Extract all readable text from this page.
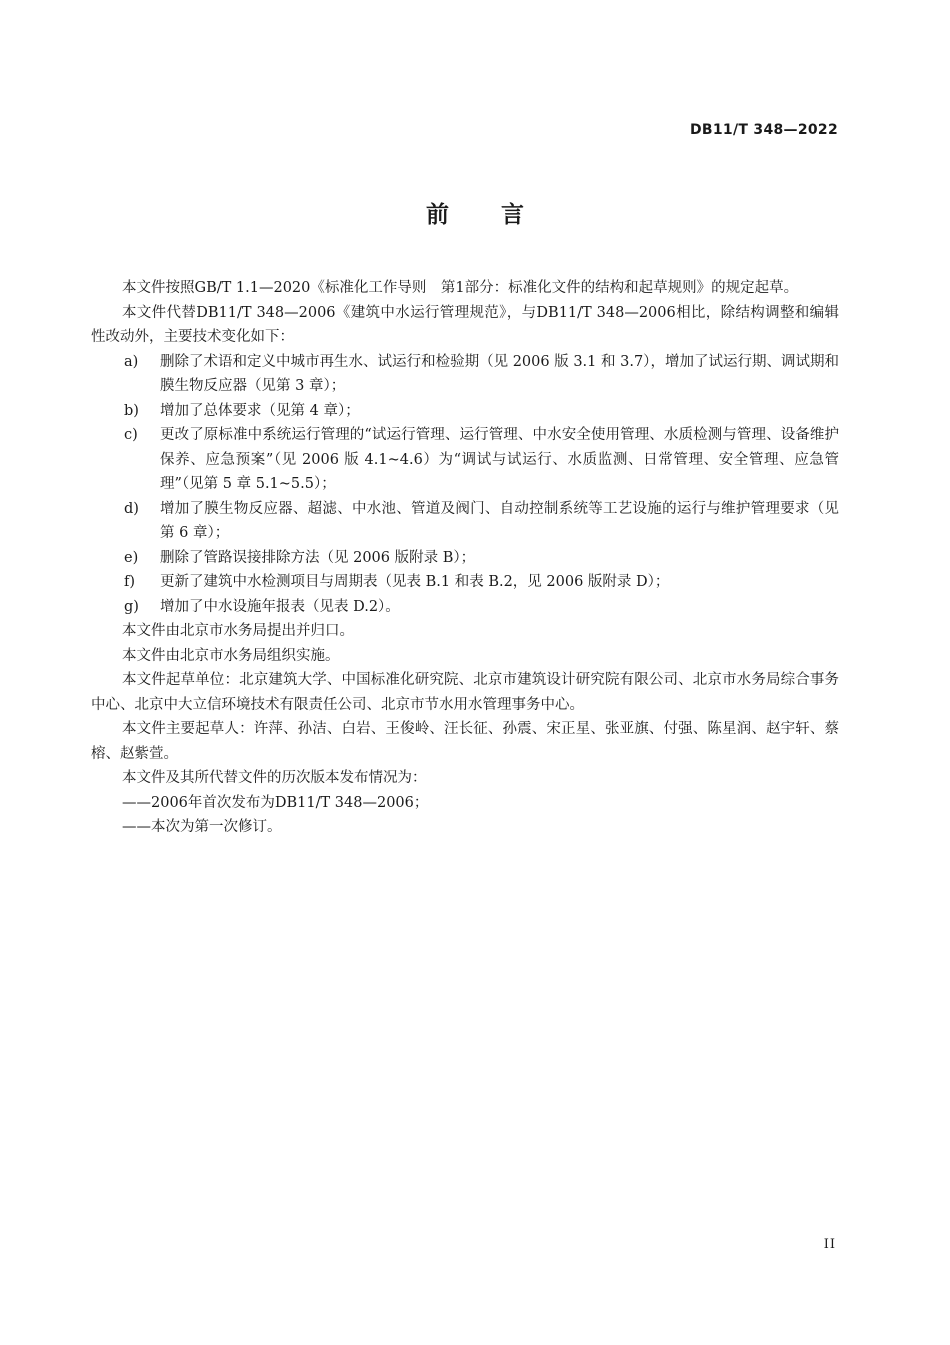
DB11/T 348—2022
前言

本文件按照GB/T 1.1—2020《标准化工作导则　第1部分：标准化文件的结构和起草规则》的规定起草。

本文件代替DB11/T 348—2006《建筑中水运行管理规范》，与DB11/T 348—2006相比，除结构调整和编辑性改动外，主要技术变化如下：

a)	删除了术语和定义中城市再生水、试运行和检验期（见 2006 版 3.1 和 3.7），增加了试运行期、调试期和膜生物反应器（见第 3 章）；
b)	增加了总体要求（见第 4 章）；
c)	更改了原标准中系统运行管理的“试运行管理、运行管理、中水安全使用管理、水质检测与管理、设备维护保养、应急预案”（见 2006 版 4.1~4.6）为“调试与试运行、水质监测、日常管理、安全管理、应急管理”（见第 5 章 5.1~5.5）；
d)	增加了膜生物反应器、超滤、中水池、管道及阀门、自动控制系统等工艺设施的运行与维护管理要求（见第 6 章）；
e)	删除了管路误接排除方法（见 2006 版附录 B）；
f)	更新了建筑中水检测项目与周期表（见表 B.1 和表 B.2，见 2006 版附录 D）；
g)	增加了中水设施年报表（见表 D.2）。

本文件由北京市水务局提出并归口。

本文件由北京市水务局组织实施。

本文件起草单位：北京建筑大学、中国标准化研究院、北京市建筑设计研究院有限公司、北京市水务局综合事务中心、北京中大立信环境技术有限责任公司、北京市节水用水管理事务中心。

本文件主要起草人：许萍、孙洁、白岩、王俊岭、汪长征、孙震、宋正星、张亚旗、付强、陈星润、赵宇轩、蔡榕、赵紫萱。

本文件及其所代替文件的历次版本发布情况为：

——2006年首次发布为DB11/T 348—2006；

——本次为第一次修订。

II
